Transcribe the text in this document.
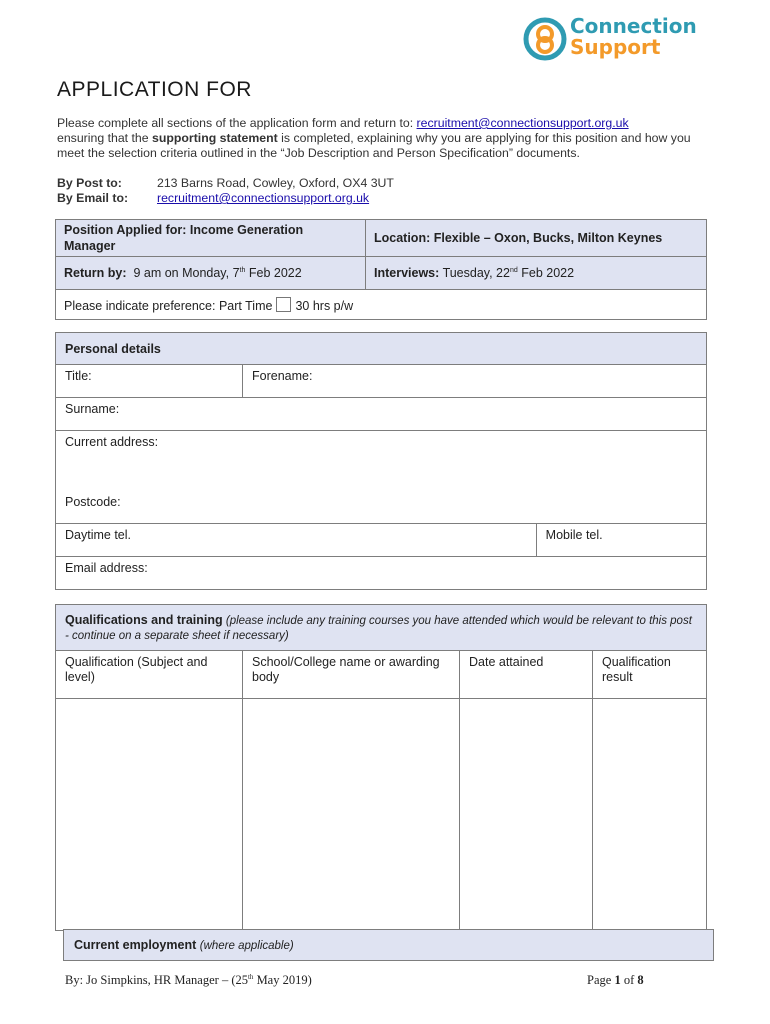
Connection
Support
APPLICATION FOR
Please complete all sections of the application form and return to: recruitment@connectionsupport.org.uk
ensuring that the supporting statement is completed, explaining why you are applying for this position and how you meet the selection criteria outlined in the “Job Description and Person Specification” documents.
By Post to:	213 Barns Road, Cowley, Oxford, OX4 3UT
By Email to: recruitment@connectionsupport.org.uk
Position Applied for: Income Generation Manager	Location: Flexible – Oxon, Bucks, Milton Keynes
Return by: 9 am on Monday, 7th Feb 2022	Interviews: Tuesday, 22nd Feb 2022
Please indicate preference: Part Time 30 hrs p/w	
Personal details		
Title:	Forename:	
Surname:		

Current address:
Postcode:		

Daytime tel.		Mobile tel.
Email address:		
Qualifications and training (please include any training courses you have attended which would be relevant to this post - continue on a separate sheet if necessary)			
Qualification (Subject and level)	School/College name or awarding body	Date attained	Qualification result

Current employment (where applicable)
By: Jo Simpkins, HR Manager – (25th May 2019)	Page 1 of 8
